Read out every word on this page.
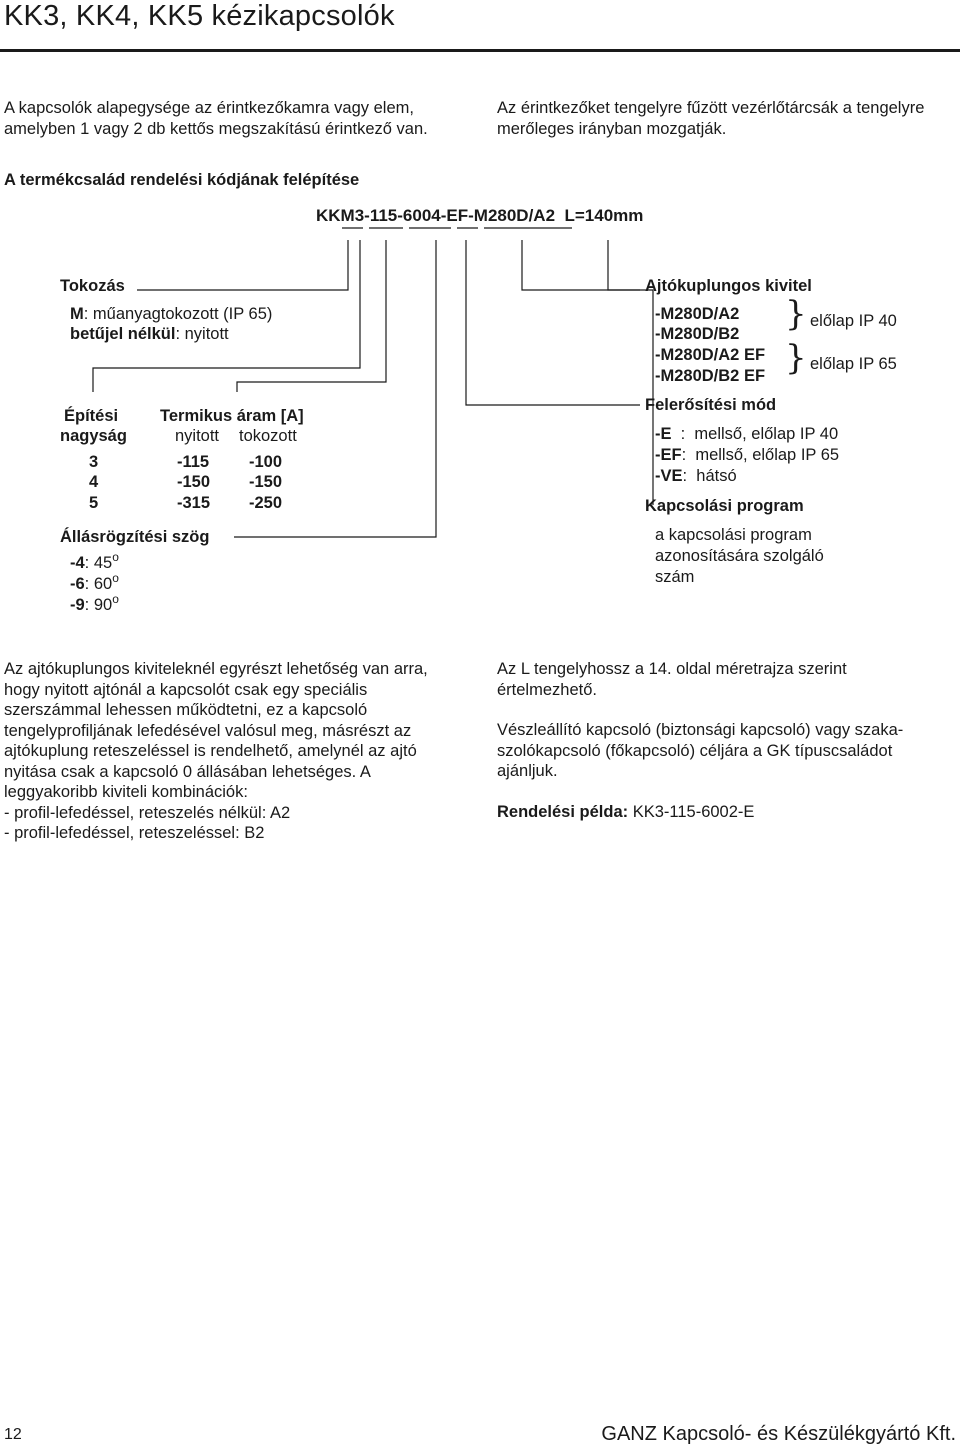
KK3, KK4, KK5 kézikapcsolók
A kapcsolók alapegysége az érintkezőkamra vagy elem,
amelyben 1 vagy 2 db kettős megszakítású érintkező van.
Az érintkezőket tengelyre fűzött vezérlőtárcsák a tengelyre
merőleges irányban mozgatják.
A termékcsalád rendelési kódjának felépítése
KKM3-115-6004-EF-M280D/A2  L=140mm
Tokozás
M: műanyagtokozott (IP 65)
betűjel nélkül: nyitott
Építési
nagyság
Termikus áram [A]
nyitott tokozott
3	-115 -100
4	-150 -150
5	-315 -250
Állásrögzítési szög
-4: 45$^o$
-6: 60$^o$
-9: 90$^o$
Ajtókuplungos kivitel
-M280D/A2
-M280D/B2
-M280D/A2 EF
-M280D/B2 EF
}
}
előlap IP 40
előlap IP 65
Felerősítési mód
-E  :  mellső, előlap IP 40
-EF:  mellső, előlap IP 65
-VE:  hátsó
Kapcsolási program
a kapcsolási program
azonosítására szolgáló
szám
Az ajtókuplungos kiviteleknél egyrészt lehetőség van arra,
hogy nyitott ajtónál a kapcsolót csak egy speciális
szerszámmal lehessen működtetni, ez a kapcsoló
tengelyprofiljának lefedésével valósul meg, másrészt az
ajtókuplung reteszeléssel is rendelhető, amelynél az ajtó
nyitása csak a kapcsoló 0 állásában lehetséges. A
leggyakoribb kiviteli kombinációk:
- profil-lefedéssel, reteszelés nélkül: A2
- profil-lefedéssel, reteszeléssel: B2
Az L tengelyhossz a 14. oldal méretrajza szerint
értelmezhető.
Vészleállító kapcsoló (biztonsági kapcsoló) vagy szaka-
szolókapcsoló (főkapcsoló) céljára a GK típuscsaládot
ajánljuk.
Rendelési példa: KK3-115-6002-E
12	GANZ Kapcsoló- és Készülékgyártó Kft.
